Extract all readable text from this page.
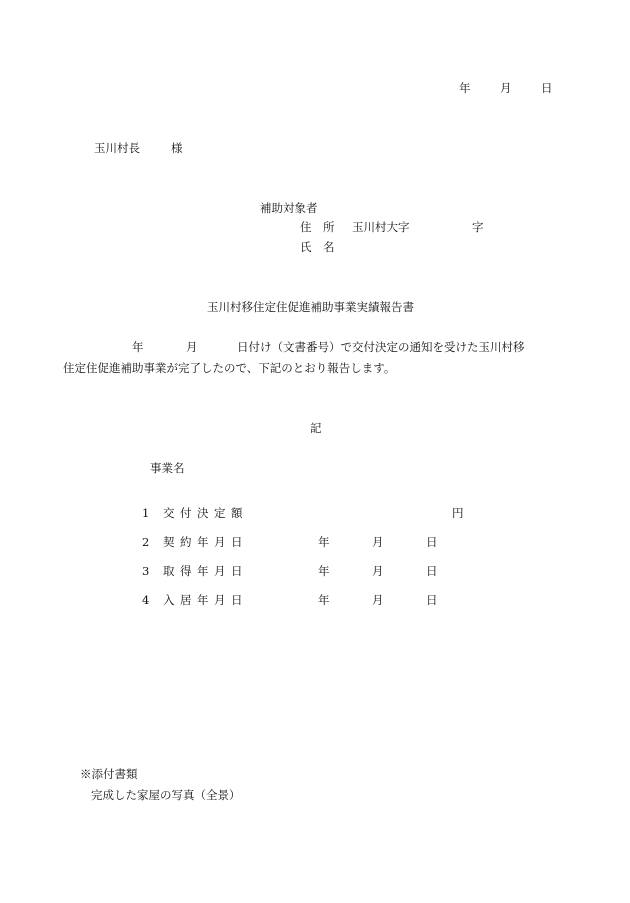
年	月	日
玉川村長	様
補助対象者
住　所 玉川村大字	字
氏　名
玉川村移住定住促進補助事業実績報告書
年	月	日付け（文書番号）で交付決定の通知を受けた玉川村移
住定住促進補助事業が完了したので、下記のとおり報告します。
記
事業名
1 交付決定額	円
2 契約年月日	年	月	日
3 取得年月日	年	月	日
4 入居年月日	年	月	日
※添付書類
完成した家屋の写真（全景）
